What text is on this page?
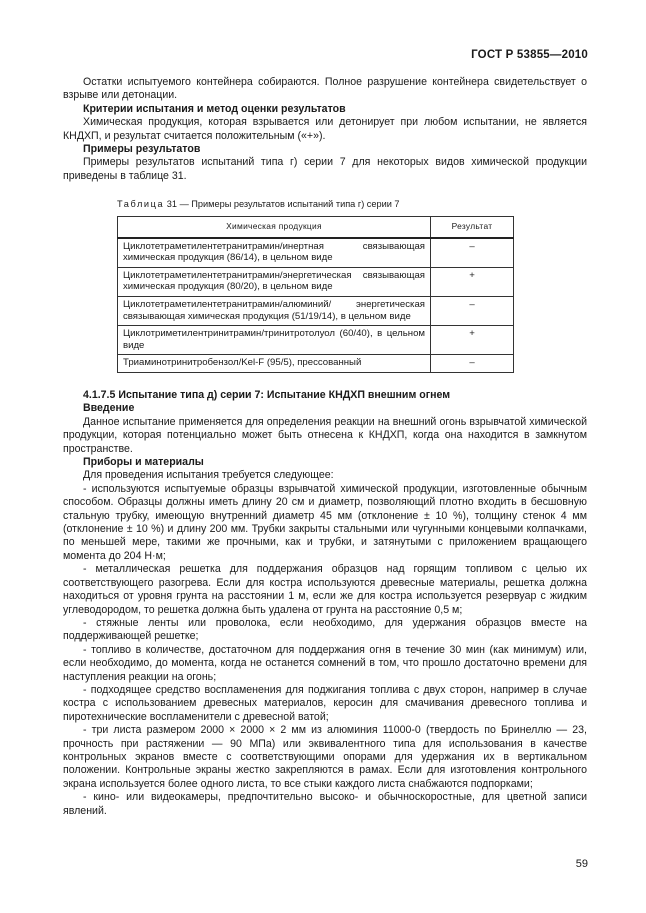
ГОСТ Р 53855—2010

Остатки испытуемого контейнера собираются. Полное разрушение контейнера свидетельствует о взрыве или детонации.

Критерии испытания и метод оценки результатов

Химическая продукция, которая взрывается или детонирует при любом испытании, не является КНДХП, и результат считается положительным («+»).

Примеры результатов

Примеры результатов испытаний типа г) серии 7 для некоторых видов химической продукции приведены в таблице 31.

Таблица 31 — Примеры результатов испытаний типа г) серии 7
Химическая продукция	Результат
Циклотетраметилентетранитрамин/инертная связывающая химическая продукция (86/14), в цельном виде	–
Циклотетраметилентетранитрамин/энергетическая связывающая химическая продукция (80/20), в цельном виде	+
Циклотетраметилентетранитрамин/алюминий/ энергетическая связывающая химическая продукция (51/19/14), в цельном виде	–
Циклотриметилентринитрамин/тринитротолуол (60/40), в цельном виде	+
Триаминотринитробензол/Kel-F (95/5), прессованный	–

4.1.7.5 Испытание типа д) серии 7: Испытание КНДХП внешним огнем

Введение

Данное испытание применяется для определения реакции на внешний огонь взрывчатой химической продукции, которая потенциально может быть отнесена к КНДХП, когда она находится в замкнутом пространстве.

Приборы и материалы

Для проведения испытания требуется следующее:

- используются испытуемые образцы взрывчатой химической продукции, изготовленные обычным способом. Образцы должны иметь длину 20 см и диаметр, позволяющий плотно входить в бесшовную стальную трубку, имеющую внутренний диаметр 45 мм (отклонение ± 10 %), толщину стенок 4 мм (отклонение ± 10 %) и длину 200 мм. Трубки закрыты стальными или чугунными концевыми колпачками, по меньшей мере, такими же прочными, как и трубки, и затянутыми с приложением вращающего момента до 204 Н·м;

- металлическая решетка для поддержания образцов над горящим топливом с целью их соответствующего разогрева. Если для костра используются древесные материалы, решетка должна находиться от уровня грунта на расстоянии 1 м, если же для костра используется резервуар с жидким углеводородом, то решетка должна быть удалена от грунта на расстояние 0,5 м;

- стяжные ленты или проволока, если необходимо, для удержания образцов вместе на поддерживающей решетке;

- топливо в количестве, достаточном для поддержания огня в течение 30 мин (как минимум) или, если необходимо, до момента, когда не останется сомнений в том, что прошло достаточно времени для наступления реакции на огонь;

- подходящее средство воспламенения для поджигания топлива с двух сторон, например в случае костра с использованием древесных материалов, керосин для смачивания древесного топлива и пиротехнические воспламенители с древесной ватой;

- три листа размером 2000 × 2000 × 2 мм из алюминия 11000-0 (твердость по Бринеллю — 23, прочность при растяжении — 90 МПа) или эквивалентного типа для использования в качестве контрольных экранов вместе с соответствующими опорами для удержания их в вертикальном положении. Контрольные экраны жестко закрепляются в рамах. Если для изготовления контрольного экрана используется более одного листа, то все стыки каждого листа снабжаются подпорками;

- кино- или видеокамеры, предпочтительно высоко- и обычноскоростные, для цветной записи явлений.

59
